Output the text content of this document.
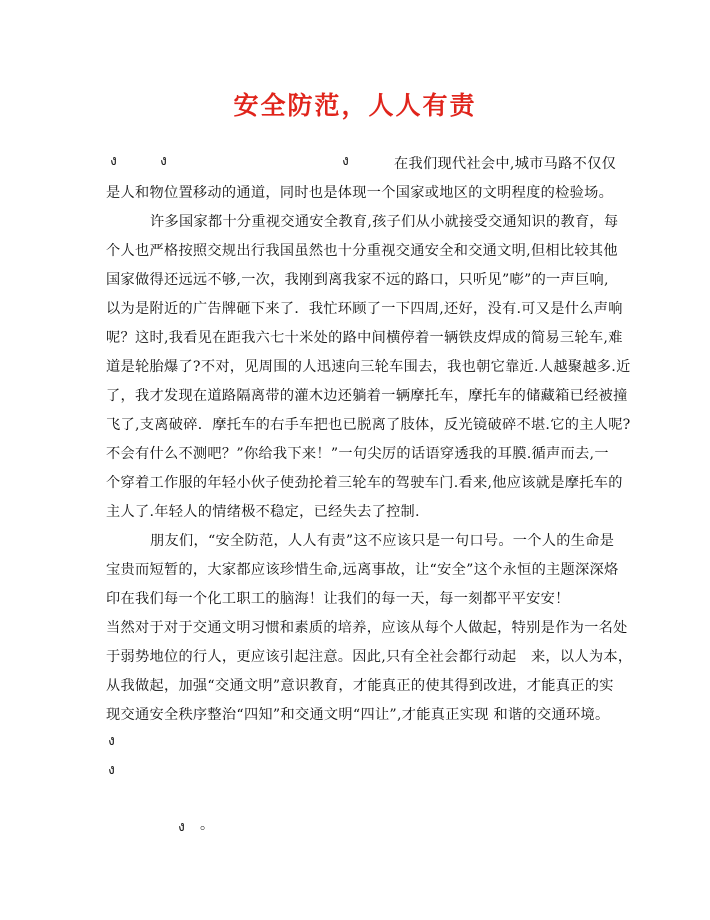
安全防范，人人有责
ง	ง	ง	在我们现代社会中,城市马路不仅仅
是人和物位置移动的通道，同时也是体现一个国家或地区的文明程度的检验场。
许多国家都十分重视交通安全教育,孩子们从小就接受交通知识的教育，每
个人也严格按照交规出行我国虽然也十分重视交通安全和交通文明,但相比较其他
国家做得还远远不够﻿,一次，我刚到离我家不远的路口，只听见”嘭”的一声巨响,
以为是附近的广告牌砸下来了．我忙环顾了一下四周,还好，没有.可又是什么声响
呢？这时,我看见在距我六七十米处的路中间横停着一辆铁皮焊成的简易三轮车,难
道是轮胎爆了?不对，见周围的人迅速向三轮车围去，我也朝它靠近.人越聚越多.近
了，我才发现在道路隔离带的灌木边还躺着一辆摩托车，摩托车的储藏箱已经被撞
飞了,支离破碎．摩托车的右手车把也已脱离了肢体，反光镜破碎不堪.它的主人呢?
不会有什么不测吧？”你给我下来！”一句尖厉的话语穿透我的耳膜.循声而去,一
个穿着工作服的年轻小伙子使劲抡着三轮车的驾驶车门.看来,他应该就是摩托车的
主人了.年轻人的情绪极不稳定，已经失去了控制.
朋友们，“安全防范，人人有责”这不应该只是一句口号。一个人的生命是
宝贵而短暂的，大家都应该珍惜生命,远离事故，让“安全”这个永恒的主题深深烙
印在我们每一个化工职工的脑海！让我们的每一天，每一刻都平平安安！
当然对于对于交通文明习惯和素质的培养，应该从每个人做起，特别是作为一名处
于弱势地位的行人，更应该引起注意。因此,只有全社会都行动起　来，以人为本，
从我做起，加强“交通文明”意识教育，才能真正的使其得到改进，才能真正的实
现交通安全秩序整治“四知”和交通文明“四让”,才能真正实现 和谐的交通环境。
ง
ง
ง 。
